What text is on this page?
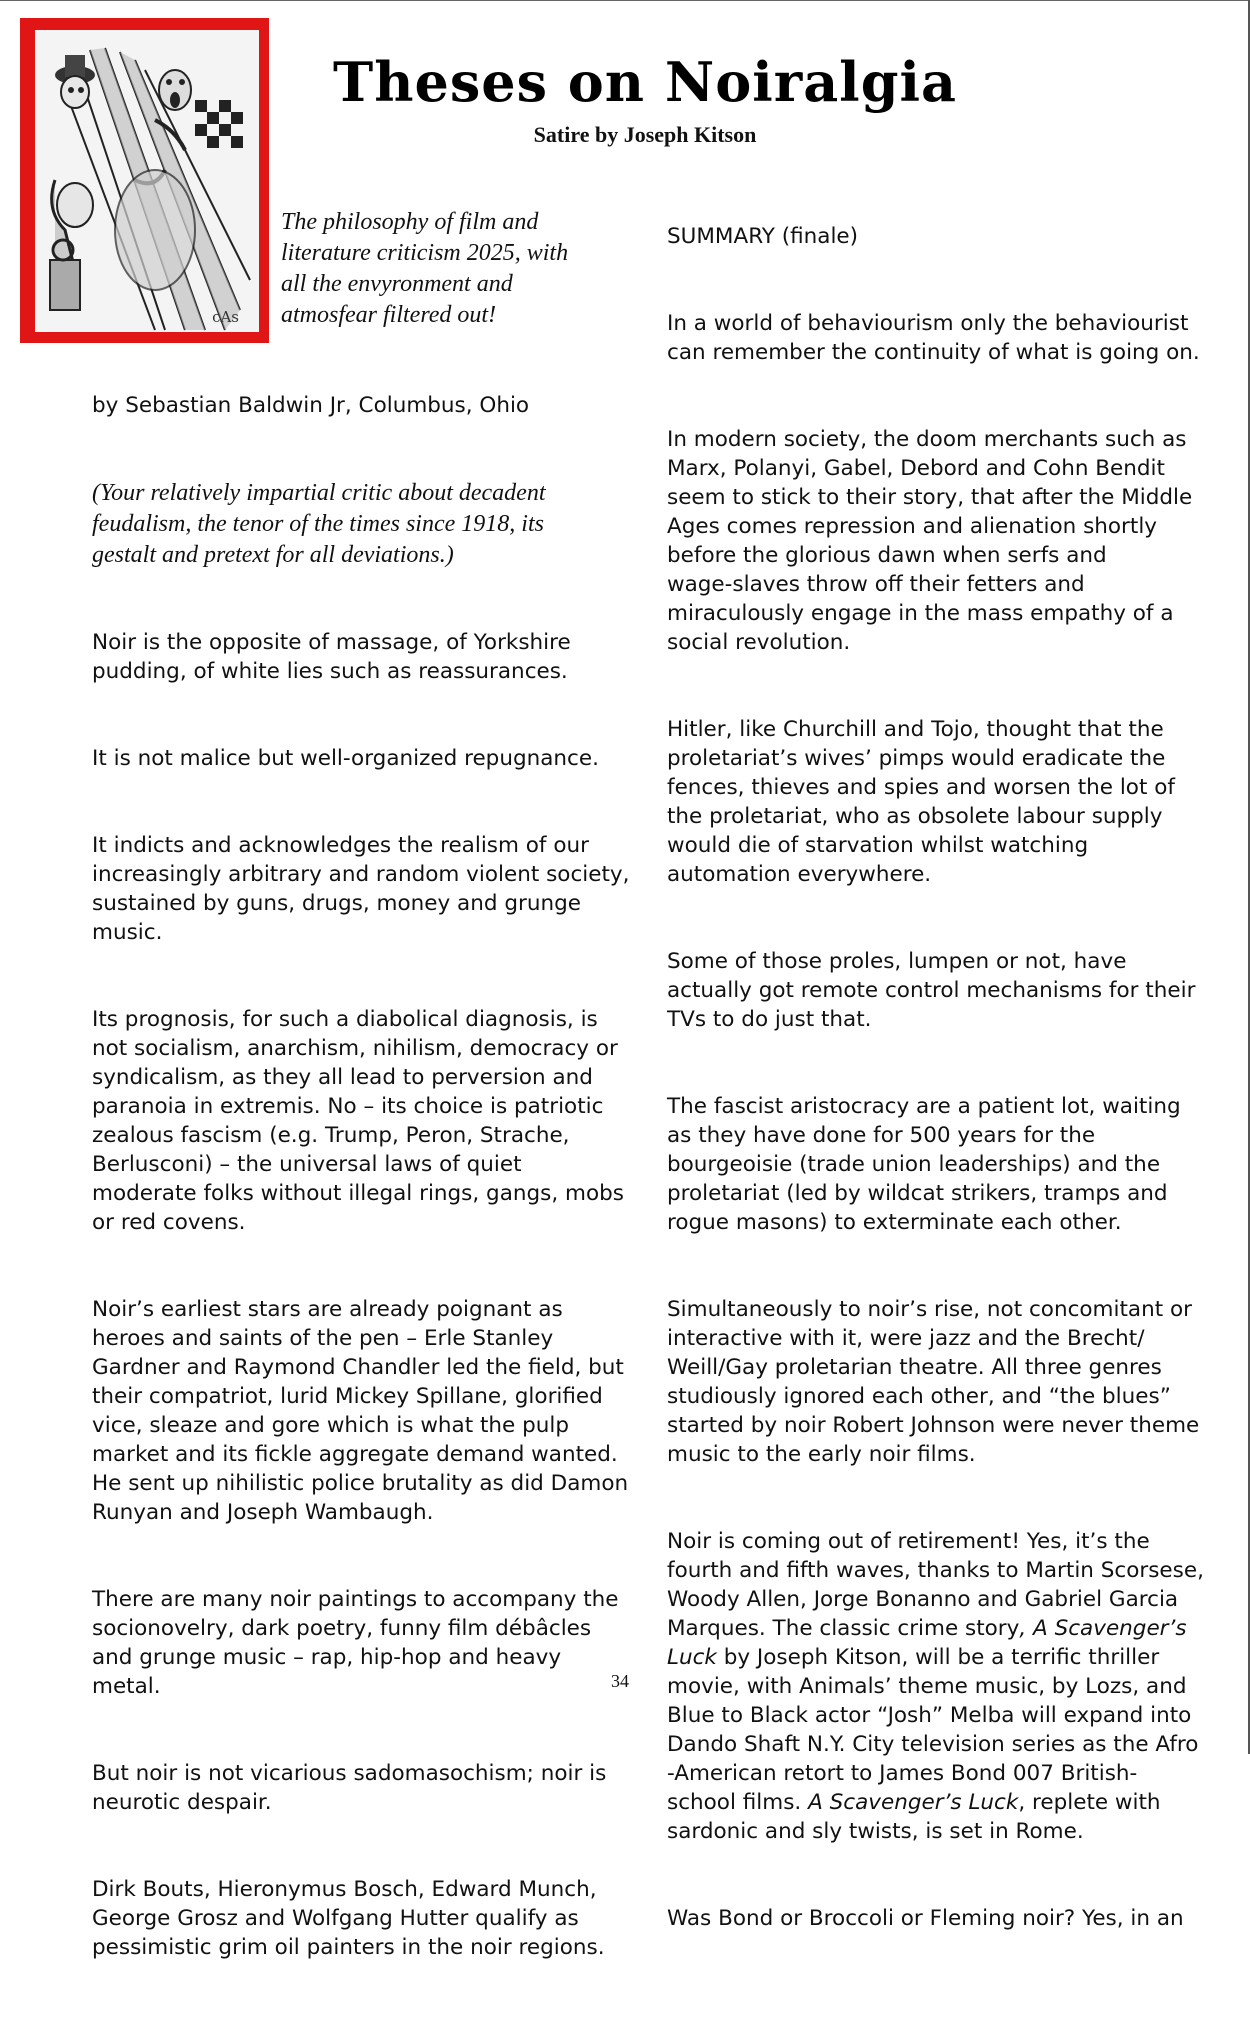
cAs
Theses on Noiralgia
Satire by Joseph Kitson
The philosophy of film and
literature criticism 2025, with
all the envyronment and
atmosfear filtered out!

by Sebastian Baldwin Jr, Columbus, Ohio

(Your relatively impartial critic about decadent
feudalism, the tenor of the times since 1918, its
gestalt and pretext for all deviations.)

Noir is the opposite of massage, of Yorkshire
pudding, of white lies such as reassurances.

It is not malice but well-organized repugnance.

It indicts and acknowledges the realism of our
increasingly arbitrary and random violent society,
sustained by guns, drugs, money and grunge
music.

Its prognosis, for such a diabolical diagnosis, is
not socialism, anarchism, nihilism, democracy or
syndicalism, as they all lead to perversion and
paranoia in extremis. No – its choice is patriotic
zealous fascism (e.g. Trump, Peron, Strache,
Berlusconi) – the universal laws of quiet
moderate folks without illegal rings, gangs, mobs
or red covens.

Noir’s earliest stars are already poignant as
heroes and saints of the pen – Erle Stanley
Gardner and Raymond Chandler led the field, but
their compatriot, lurid Mickey Spillane, glorified
vice, sleaze and gore which is what the pulp
market and its fickle aggregate demand wanted.
He sent up nihilistic police brutality as did Damon
Runyan and Joseph Wambaugh.

There are many noir paintings to accompany the
socionovelry, dark poetry, funny film débâcles
and grunge music – rap, hip-hop and heavy
metal.

But noir is not vicarious sadomasochism; noir is
neurotic despair.

Dirk Bouts, Hieronymus Bosch, Edward Munch,
George Grosz and Wolfgang Hutter qualify as
pessimistic grim oil painters in the noir regions.

SUMMARY (finale)

In a world of behaviourism only the behaviourist
can remember the continuity of what is going on.

In modern society, the doom merchants such as
Marx, Polanyi, Gabel, Debord and Cohn Bendit
seem to stick to their story, that after the Middle
Ages comes repression and alienation shortly
before the glorious dawn when serfs and
wage-slaves throw off their fetters and
miraculously engage in the mass empathy of a
social revolution.

Hitler, like Churchill and Tojo, thought that the
proletariat’s wives’ pimps would eradicate the
fences, thieves and spies and worsen the lot of
the proletariat, who as obsolete labour supply
would die of starvation whilst watching
automation everywhere.

Some of those proles, lumpen or not, have
actually got remote control mechanisms for their
TVs to do just that.

The fascist aristocracy are a patient lot, waiting
as they have done for 500 years for the
bourgeoisie (trade union leaderships) and the
proletariat (led by wildcat strikers, tramps and
rogue masons) to exterminate each other.

Simultaneously to noir’s rise, not concomitant or
interactive with it, were jazz and the Brecht/
Weill/Gay proletarian theatre. All three genres
studiously ignored each other, and “the blues”
started by noir Robert Johnson were never theme
music to the early noir films.

Noir is coming out of retirement! Yes, it’s the
fourth and fifth waves, thanks to Martin Scorsese,
Woody Allen, Jorge Bonanno and Gabriel Garcia
Marques. The classic crime story, A Scavenger’s
Luck by Joseph Kitson, will be a terrific thriller
movie, with Animals’ theme music, by Lozs, and
Blue to Black actor “Josh” Melba will expand into
Dando Shaft N.Y. City television series as the Afro
-American retort to James Bond 007 British-
school films. A Scavenger’s Luck, replete with
sardonic and sly twists, is set in Rome.

Was Bond or Broccoli or Fleming noir? Yes, in an

34
